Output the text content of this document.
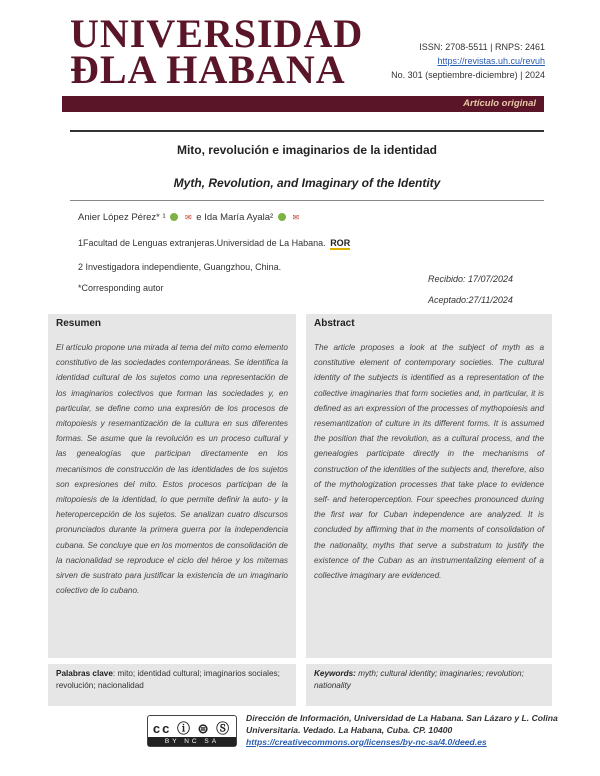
UNIVERSIDAD
ÐLA HABANA	ISSN: 2708-5511 | RNPS: 2461
https://revistas.uh.cu/revuh
No. 301 (septiembre-diciembre) | 2024
Artículo original
Mito, revolución e imaginarios de la identidad
Myth, Revolution, and Imaginary of the Identity
Anier López Pérez* ¹ ✉ e Ida María Ayala² ✉
1Facultad de Lenguas extranjeras.Universidad de La Habana. ROR
2 Investigadora independiente, Guangzhou, China.
*Corresponding autor
Recibido: 17/07/2024
Aceptado:27/11/2024
Resumen
El artículo propone una mirada al tema del mito como elemento constitutivo de las sociedades contemporáneas. Se identifica la identidad cultural de los sujetos como una representación de los imaginarios colectivos que forman las sociedades y, en particular, se define como una expresión de los procesos de mitopoiesis y resemantización de la cultura en sus diferentes formas. Se asume que la revolución es un proceso cultural y las genealogías que participan directamente en los mecanismos de construcción de las identidades de los sujetos son expresiones del mito. Estos procesos participan de la mitopoiesis de la identidad, lo que permite definir la auto- y la heteropercepción de los sujetos. Se analizan cuatro discursos pronunciados durante la primera guerra por la independencia cubana. Se concluye que en los momentos de consolidación de la nacionalidad se reproduce el ciclo del héroe y los mitemas sirven de sustrato para justificar la existencia de un imaginario colectivo de lo cubano.
Abstract
The article proposes a look at the subject of myth as a constitutive element of contemporary societies. The cultural identity of the subjects is identified as a representation of the collective imaginaries that form societies and, in particular, it is defined as an expression of the processes of mythopoiesis and resemantization of culture in its different forms. It is assumed the position that the revolution, as a cultural process, and the genealogies participate directly in the mechanisms of construction of the identities of the subjects and, therefore, also of the mythologization processes that take place to evidence self- and heteroperception. Four speeches pronounced during the first war for Cuban independence are analyzed. It is concluded by affirming that in the moments of consolidation of the nationality, myths that serve a substratum to justify the existence of the Cuban as an instrumentalizing element of a collective imaginary are evidenced.
Palabras clave: mito; identidad cultural; imaginarios sociales; revolución; nacionalidad
Keywords: myth; cultural identity; imaginaries; revolution; nationality
cc ⓘ ⊜ Ⓢ
BY NC SA
Dirección de Información, Universidad de La Habana. San Lázaro y L. Colina Universitaria. Vedado. La Habana, Cuba. CP. 10400
https://creativecommons.org/licenses/by-nc-sa/4.0/deed.es
